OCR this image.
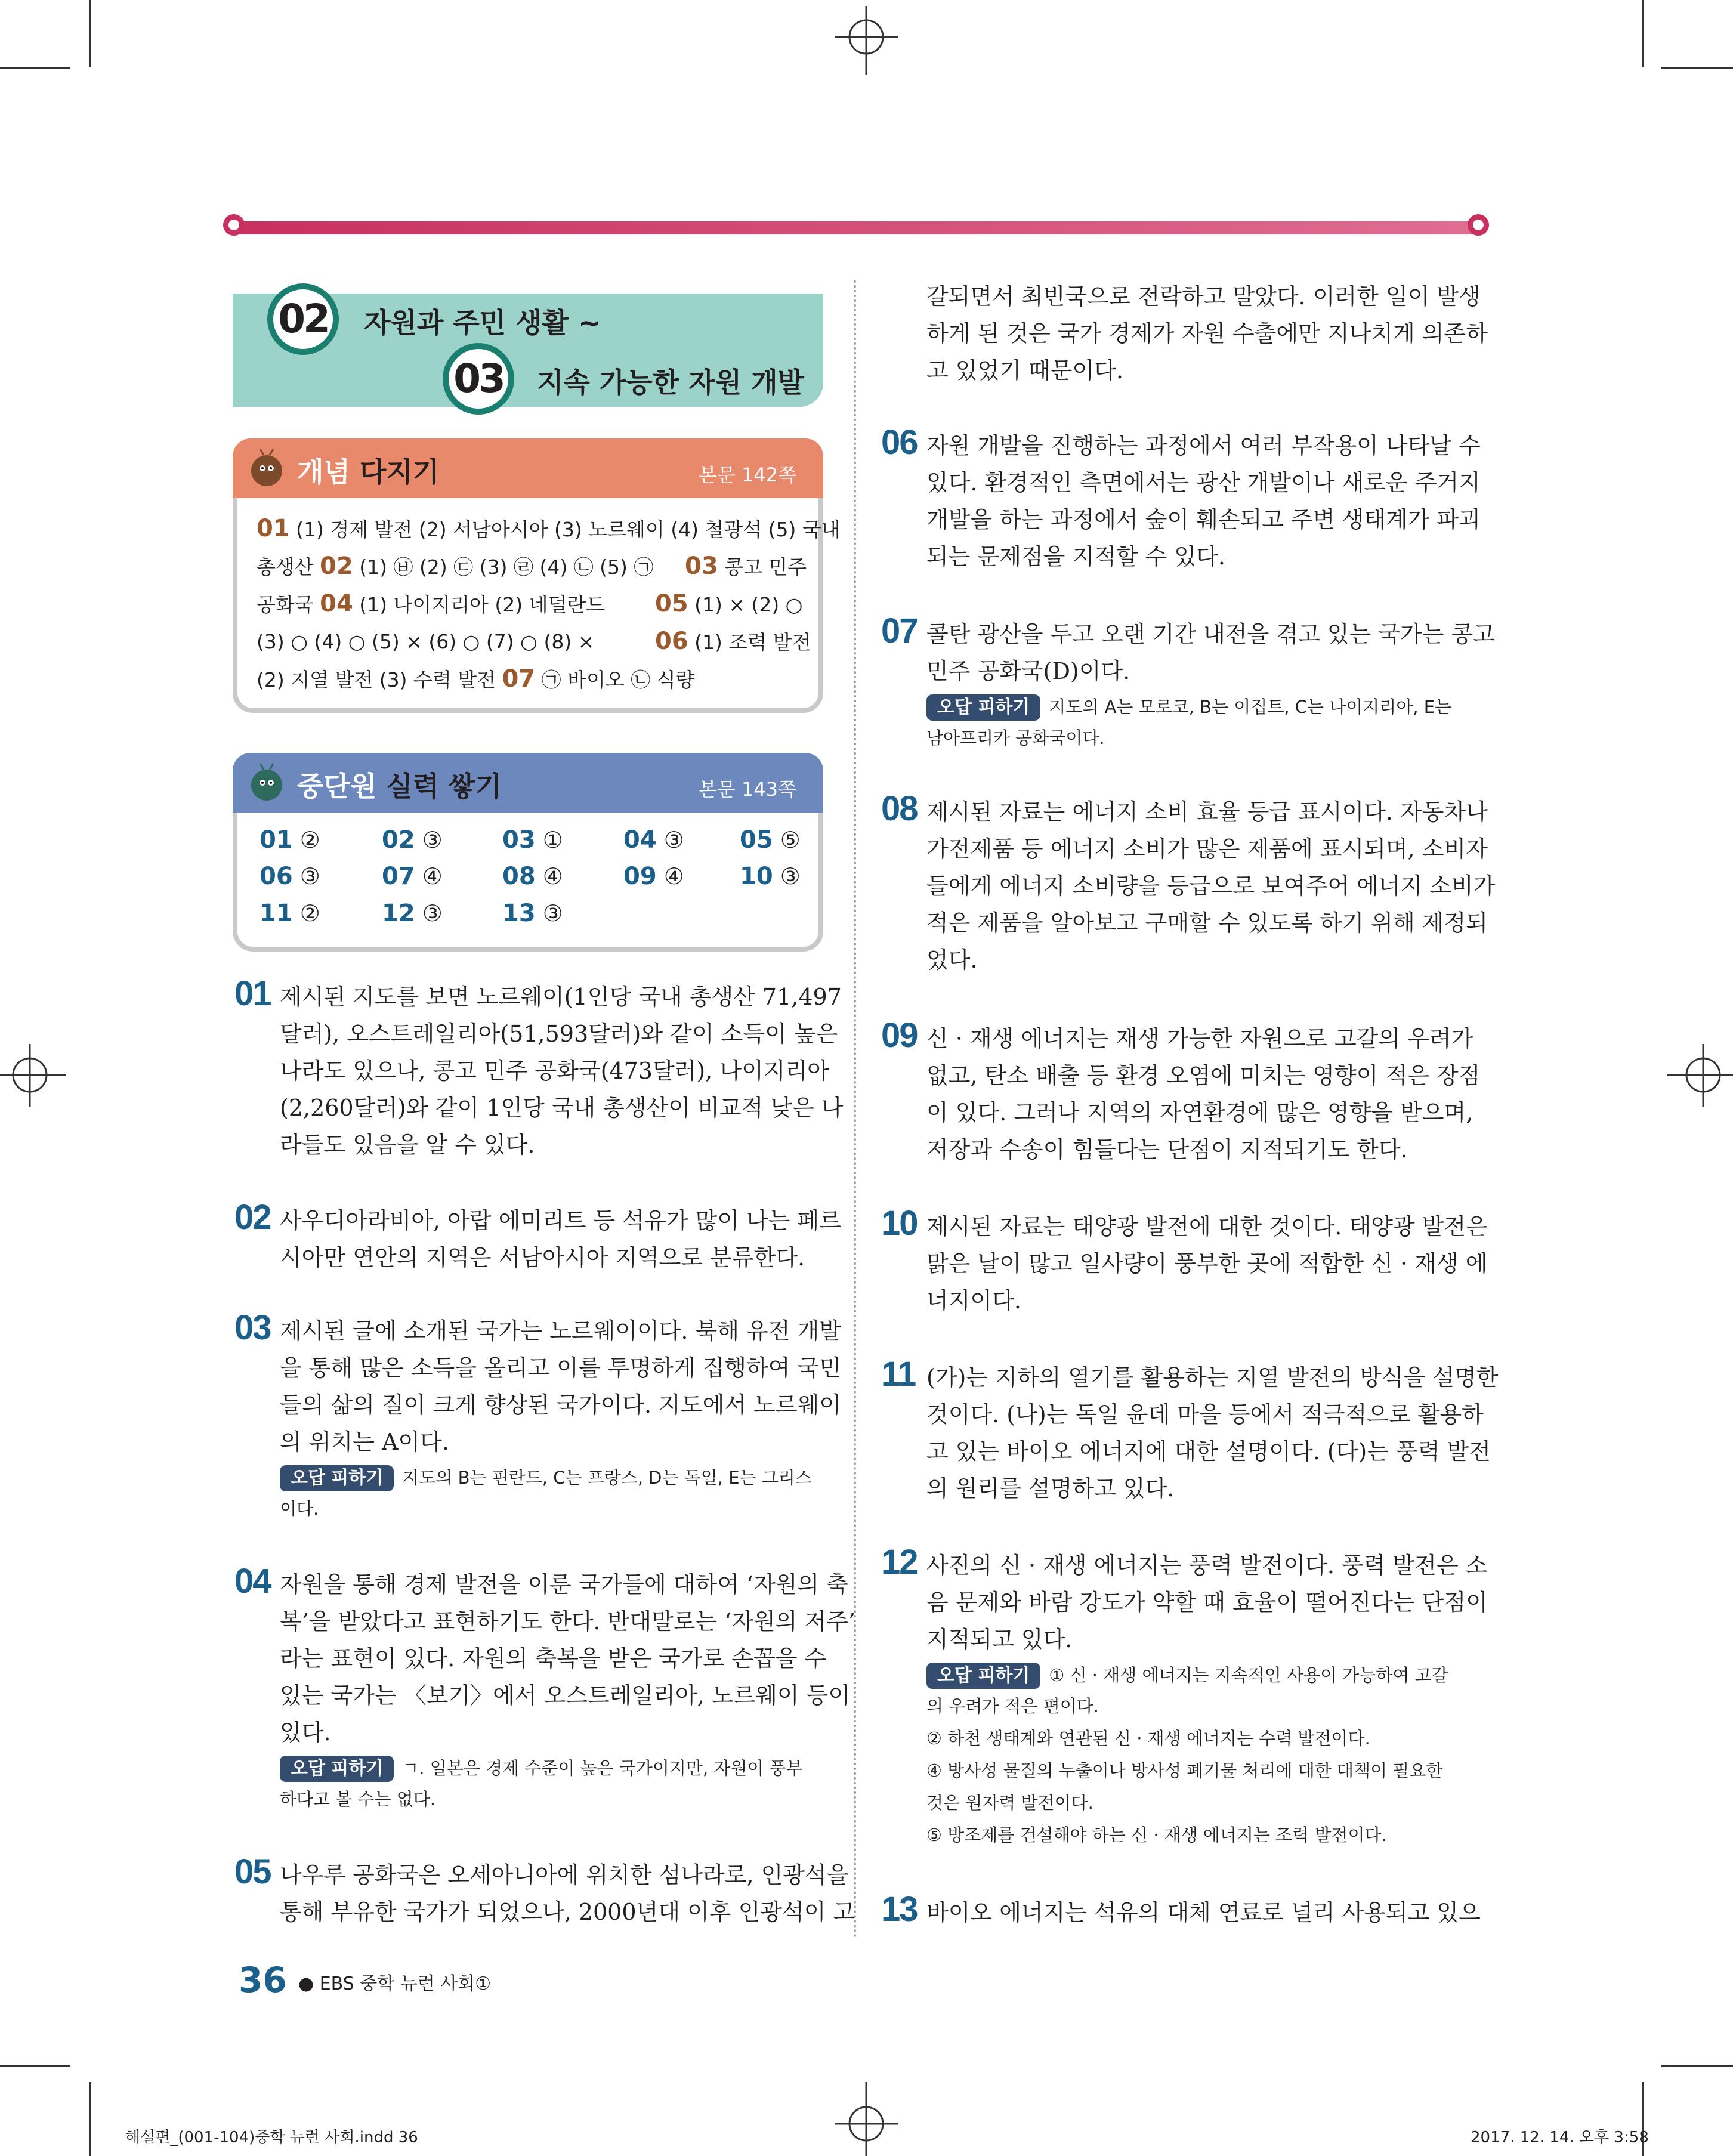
02	자원과 주민 생활 ~
03	지속 가능한 자원 개발
개념 다지기	본문 142쪽
01 (1) 경제 발전 (2) 서남아시아 (3) 노르웨이 (4) 철광석 (5) 국내
총생산 02 (1) ㉥ (2) ㉢ (3) ㉣ (4) ㉡ (5) ㉠ 03 콩고 민주
공화국 04 (1) 나이지리아 (2) 네덜란드 05 (1) × (2) ○
(3) ○ (4) ○ (5) × (6) ○ (7) ○ (8) ×	06 (1) 조력 발전
(2) 지열 발전 (3) 수력 발전 07 ㉠ 바이오 ㉡ 식량
중단원 실력 쌓기	본문 143쪽
01 ②	02 ③	03 ①	04 ③ 05 ⑤
06 ③	07 ④	08 ④	09 ④ 10 ③
11 ②	12 ③	13 ③
01 제시된 지도를 보면 노르웨이(1인당 국내 총생산 71,497
달러), 오스트레일리아(51,593달러)와 같이 소득이 높은
나라도 있으나, 콩고 민주 공화국(473달러), 나이지리아
(2,260달러)와 같이 1인당 국내 총생산이 비교적 낮은 나
라들도 있음을 알 수 있다.
02 사우디아라비아, 아랍 에미리트 등 석유가 많이 나는 페르
시아만 연안의 지역은 서남아시아 지역으로 분류한다.
03 제시된 글에 소개된 국가는 노르웨이이다. 북해 유전 개발
을 통해 많은 소득을 올리고 이를 투명하게 집행하여 국민
들의 삶의 질이 크게 향상된 국가이다. 지도에서 노르웨이
의 위치는 A이다.
오답 피하기 지도의 B는 핀란드, C는 프랑스, D는 독일, E는 그리스
이다.
04 자원을 통해 경제 발전을 이룬 국가들에 대하여 ‘자원의 축
복’을 받았다고 표현하기도 한다. 반대말로는 ‘자원의 저주’
라는 표현이 있다. 자원의 축복을 받은 국가로 손꼽을 수
있는 국가는 〈보기〉에서 오스트레일리아, 노르웨이 등이
있다.
오답 피하기 ㄱ. 일본은 경제 수준이 높은 국가이지만, 자원이 풍부
하다고 볼 수는 없다.
05 나우루 공화국은 오세아니아에 위치한 섬나라로, 인광석을
통해 부유한 국가가 되었으나, 2000년대 이후 인광석이 고
갈되면서 최빈국으로 전락하고 말았다. 이러한 일이 발생
하게 된 것은 국가 경제가 자원 수출에만 지나치게 의존하
고 있었기 때문이다.
06 자원 개발을 진행하는 과정에서 여러 부작용이 나타날 수
있다. 환경적인 측면에서는 광산 개발이나 새로운 주거지
개발을 하는 과정에서 숲이 훼손되고 주변 생태계가 파괴
되는 문제점을 지적할 수 있다.
07 콜탄 광산을 두고 오랜 기간 내전을 겪고 있는 국가는 콩고
민주 공화국(D)이다.
오답 피하기 지도의 A는 모로코, B는 이집트, C는 나이지리아, E는
남아프리카 공화국이다.
08 제시된 자료는 에너지 소비 효율 등급 표시이다. 자동차나
가전제품 등 에너지 소비가 많은 제품에 표시되며, 소비자
들에게 에너지 소비량을 등급으로 보여주어 에너지 소비가
적은 제품을 알아보고 구매할 수 있도록 하기 위해 제정되
었다.
09 신 · 재생 에너지는 재생 가능한 자원으로 고갈의 우려가
없고, 탄소 배출 등 환경 오염에 미치는 영향이 적은 장점
이 있다. 그러나 지역의 자연환경에 많은 영향을 받으며,
저장과 수송이 힘들다는 단점이 지적되기도 한다.
10 제시된 자료는 태양광 발전에 대한 것이다. 태양광 발전은
맑은 날이 많고 일사량이 풍부한 곳에 적합한 신 · 재생 에
너지이다.
11 (가)는 지하의 열기를 활용하는 지열 발전의 방식을 설명한
것이다. (나)는 독일 윤데 마을 등에서 적극적으로 활용하
고 있는 바이오 에너지에 대한 설명이다. (다)는 풍력 발전
의 원리를 설명하고 있다.
12 사진의 신 · 재생 에너지는 풍력 발전이다. 풍력 발전은 소
음 문제와 바람 강도가 약할 때 효율이 떨어진다는 단점이
지적되고 있다.
오답 피하기 ① 신 · 재생 에너지는 지속적인 사용이 가능하여 고갈
의 우려가 적은 편이다.
② 하천 생태계와 연관된 신 · 재생 에너지는 수력 발전이다.
④ 방사성 물질의 누출이나 방사성 폐기물 처리에 대한 대책이 필요한
것은 원자력 발전이다.
⑤ 방조제를 건설해야 하는 신 · 재생 에너지는 조력 발전이다.
13 바이오 에너지는 석유의 대체 연료로 널리 사용되고 있으
36 ● EBS 중학 뉴런 사회①
해설편_(001-104)중학 뉴런 사회.indd 36	2017. 12. 14. 오후 3:58
